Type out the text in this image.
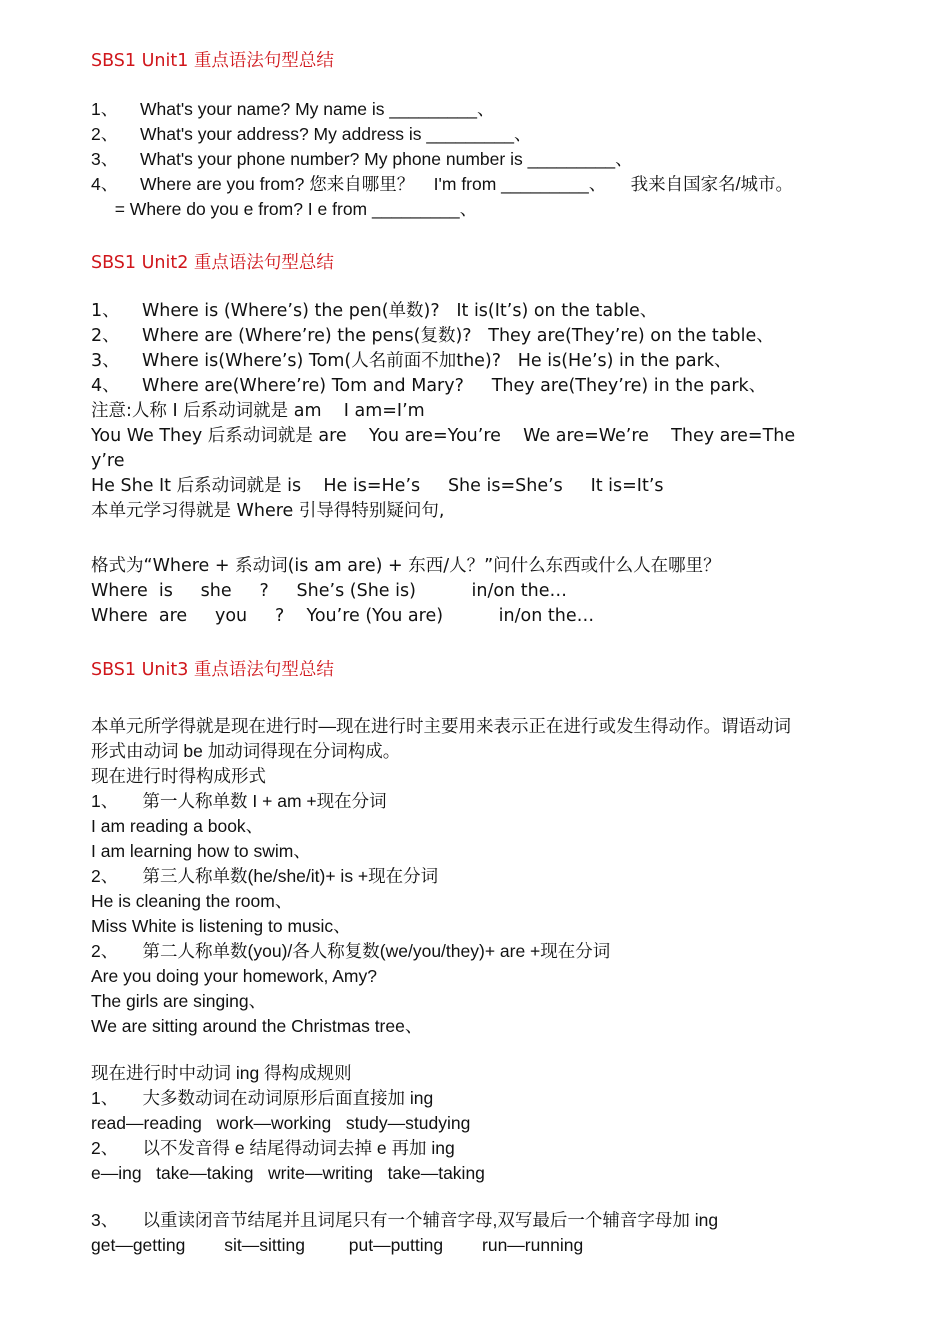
SBS1 Unit1 重点语法句型总结
1、 What's your name? My name is _________、
2、 What's your address? My address is _________、
3、 What's your phone number? My phone number is _________、
4、 Where are you from? 您来自哪里？    I'm from _________、     我来自国家名/城市。
= Where do you e from? I e from _________、
SBS1 Unit2 重点语法句型总结
1、 Where is (Where’s) the pen(单数)?   It is(It’s) on the table、
2、 Where are (Where’re) the pens(复数)?   They are(They’re) on the table、
3、 Where is(Where’s) Tom(人名前面不加the)?   He is(He’s) in the park、
4、 Where are(Where’re) Tom and Mary?     They are(They’re) in the park、
注意:人称 I 后系动词就是 am    I am=I’m
You We They 后系动词就是 are    You are=You’re    We are=We’re    They are=The
y’re
He She It 后系动词就是 is    He is=He’s     She is=She’s     It is=It’s
本单元学习得就是 Where 引导得特别疑问句,
格式为“Where + 系动词(is am are) + 东西/人？”问什么东西或什么人在哪里？
Where  is     she     ?     She’s (She is)          in/on the…
Where  are     you     ?    You’re (You are)          in/on the…
SBS1 Unit3 重点语法句型总结
本单元所学得就是现在进行时—现在进行时主要用来表示正在进行或发生得动作。谓语动词
形式由动词 be 加动词得现在分词构成。
现在进行时得构成形式
1、     第一人称单数 I + am +现在分词
I am reading a book、
I am learning how to swim、
2、     第三人称单数(he/she/it)+ is +现在分词
He is cleaning the room、
Miss White is listening to music、
2、     第二人称单数(you)/各人称复数(we/you/they)+ are +现在分词
Are you doing your homework, Amy?
The girls are singing、
We are sitting around the Christmas tree、
现在进行时中动词 ing 得构成规则
1、     大多数动词在动词原形后面直接加 ing
read—reading   work—working   study—studying
2、     以不发音得 e 结尾得动词去掉 e 再加 ing
e—ing   take—taking   write—writing   take—taking
3、     以重读闭音节结尾并且词尾只有一个辅音字母,双写最后一个辅音字母加 ing
get—getting        sit—sitting         put—putting        run—running
